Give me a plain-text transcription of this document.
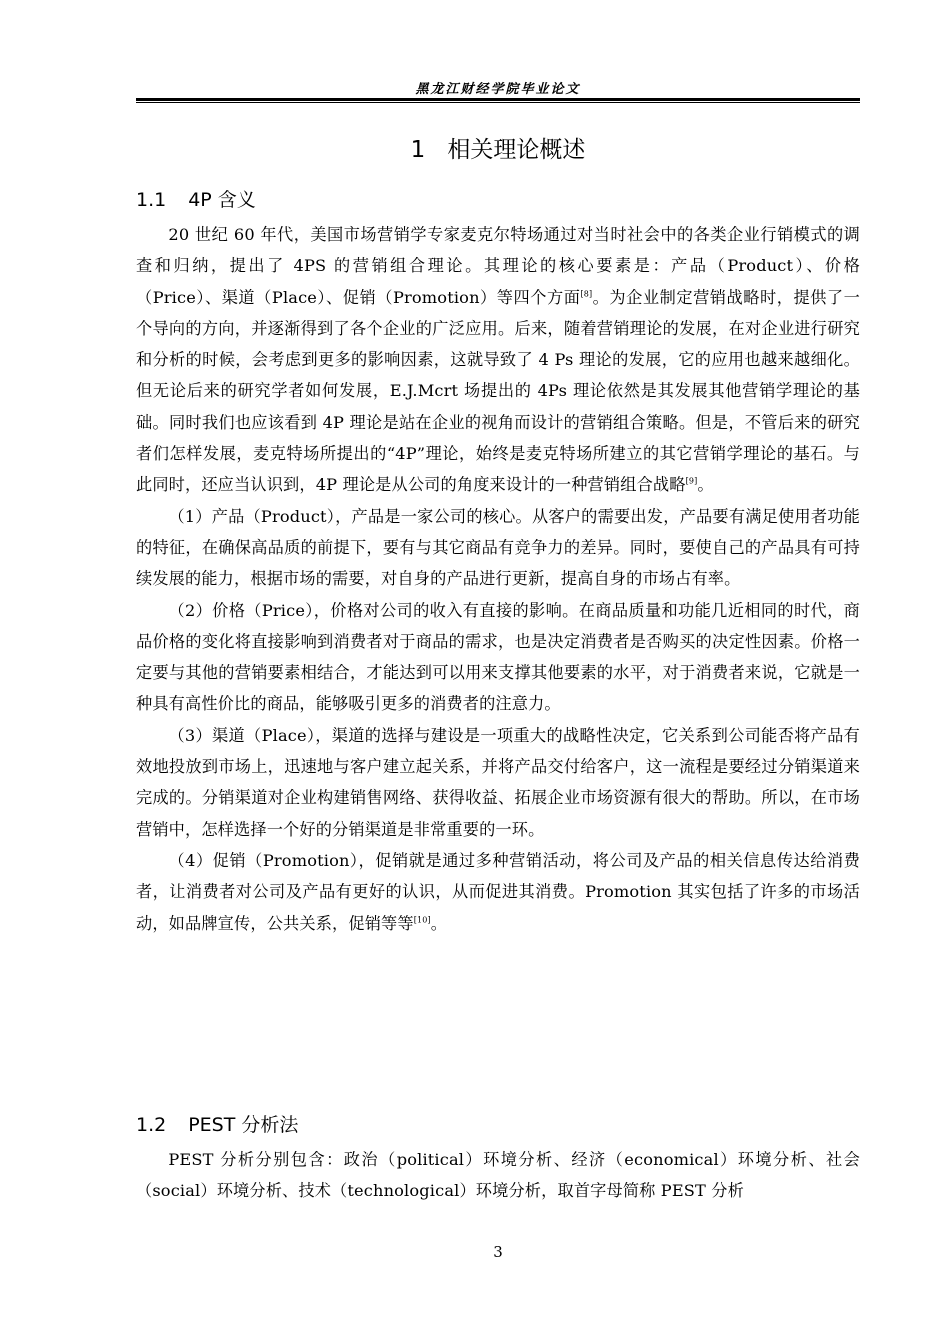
黑龙江财经学院毕业论文
1 相关理论概述
1.1 4P 含义

20 世纪 60 年代，美国市场营销学专家麦克尔特场通过对当时社会中的各类企业行销模式的调查和归纳，提出了 4PS 的营销组合理论。其理论的核心要素是：产品（Product）、价格（Price）、渠道（Place）、促销（Promotion）等四个方面[8]。为企业制定营销战略时，提供了一个导向的方向，并逐渐得到了各个企业的广泛应用。后来，随着营销理论的发展，在对企业进行研究和分析的时候，会考虑到更多的影响因素，这就导致了 4 Ps 理论的发展，它的应用也越来越细化。但无论后来的研究学者如何发展，E.J.Mcrt 场提出的 4Ps 理论依然是其发展其他营销学理论的基础。同时我们也应该看到 4P 理论是站在企业的视角而设计的营销组合策略。但是，不管后来的研究者们怎样发展，麦克特场所提出的“4P”理论，始终是麦克特场所建立的其它营销学理论的基石。与此同时，还应当认识到，4P 理论是从公司的角度来设计的一种营销组合战略[9]。

（1）产品（Product），产品是一家公司的核心。从客户的需要出发，产品要有满足使用者功能的特征，在确保高品质的前提下，要有与其它商品有竞争力的差异。同时，要使自己的产品具有可持续发展的能力，根据市场的需要，对自身的产品进行更新，提高自身的市场占有率。

（2）价格（Price），价格对公司的收入有直接的影响。在商品质量和功能几近相同的时代，商品价格的变化将直接影响到消费者对于商品的需求，也是决定消费者是否购买的决定性因素。价格一定要与其他的营销要素相结合，才能达到可以用来支撑其他要素的水平，对于消费者来说，它就是一种具有高性价比的商品，能够吸引更多的消费者的注意力。

（3）渠道（Place），渠道的选择与建设是一项重大的战略性决定，它关系到公司能否将产品有效地投放到市场上，迅速地与客户建立起关系，并将产品交付给客户，这一流程是要经过分销渠道来完成的。分销渠道对企业构建销售网络、获得收益、拓展企业市场资源有很大的帮助。所以，在市场营销中，怎样选择一个好的分销渠道是非常重要的一环。

（4）促销（Promotion），促销就是通过多种营销活动，将公司及产品的相关信息传达给消费者，让消费者对公司及产品有更好的认识，从而促进其消费。Promotion 其实包括了许多的市场活动，如品牌宣传，公共关系，促销等等[10]。

1.2 PEST 分析法

PEST 分析分别包含：政治（political）环境分析、经济（economical）环境分析、社会（social）环境分析、技术（technological）环境分析，取首字母简称 PEST 分析

3
